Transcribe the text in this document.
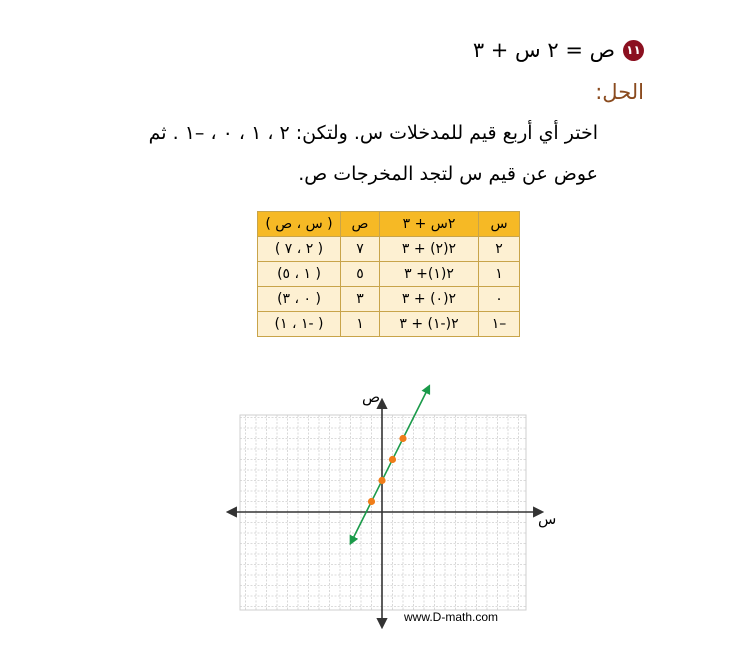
١١
ص = ٢ س + ٣
الحل:
اختر أي أربع قيم للمدخلات س. ولتكن: ٢ ، ١ ، ٠ ، –١ . ثم
عوض عن قيم س لتجد المخرجات ص.
س	٢س + ٣	ص	( س ، ص )
٢	٢(٢) + ٣	٧	( ٢ ، ٧ )
١	٢(١)+ ٣	٥	( ١ ، ٥)
٠	٢(٠) + ٣	٣	( ٠ ، ٣)
–١	٢(-١) + ٣	١	( -١ ، ١)
س
ص
www.D-math.com
